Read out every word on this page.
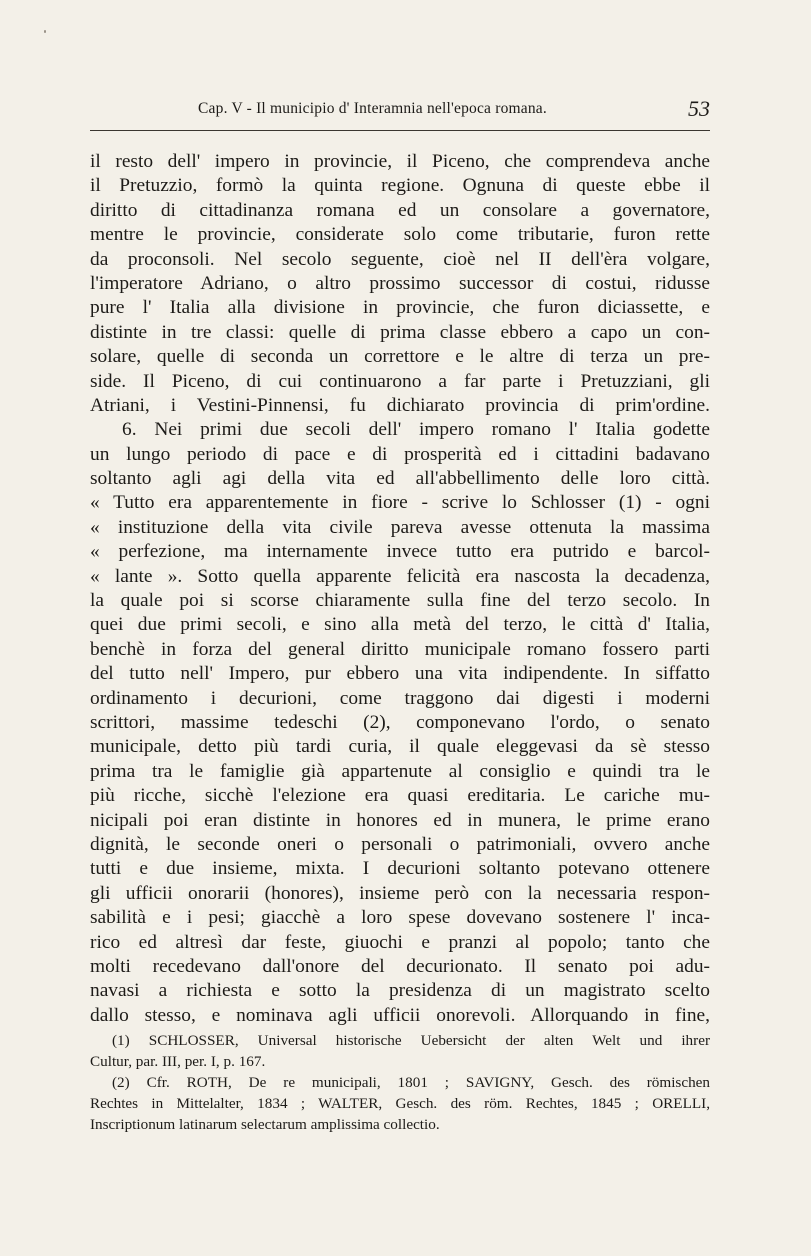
Cap. V - Il municipio d' Interamnia nell'epoca romana.	53
il resto dell' impero in provincie, il Piceno, che comprendeva anche
il Pretuzzio, formò la quinta regione. Ognuna di queste ebbe il
diritto di cittadinanza romana ed un consolare a governatore,
mentre le provincie, considerate solo come tributarie, furon rette
da proconsoli. Nel secolo seguente, cioè nel II dell'èra volgare,
l'imperatore Adriano, o altro prossimo successor di costui, ridusse
pure l' Italia alla divisione in provincie, che furon diciassette, e
distinte in tre classi: quelle di prima classe ebbero a capo un con-
solare, quelle di seconda un correttore e le altre di terza un pre-
side. Il Piceno, di cui continuarono a far parte i Pretuzziani, gli
Atriani, i Vestini-Pinnensi, fu dichiarato provincia di prim'ordine.
6. Nei primi due secoli dell' impero romano l' Italia godette
un lungo periodo di pace e di prosperità ed i cittadini badavano
soltanto agli agi della vita ed all'abbellimento delle loro città.
« Tutto era apparentemente in fiore - scrive lo Schlosser (1) - ogni
« instituzione della vita civile pareva avesse ottenuta la massima
« perfezione, ma internamente invece tutto era putrido e barcol-
« lante ». Sotto quella apparente felicità era nascosta la decadenza,
la quale poi si scorse chiaramente sulla fine del terzo secolo. In
quei due primi secoli, e sino alla metà del terzo, le città d' Italia,
benchè in forza del general diritto municipale romano fossero parti
del tutto nell' Impero, pur ebbero una vita indipendente. In siffatto
ordinamento i decurioni, come traggono dai digesti i moderni
scrittori, massime tedeschi (2), componevano l'ordo, o senato
municipale, detto più tardi curia, il quale eleggevasi da sè stesso
prima tra le famiglie già appartenute al consiglio e quindi tra le
più ricche, sicchè l'elezione era quasi ereditaria. Le cariche mu-
nicipali poi eran distinte in honores ed in munera, le prime erano
dignità, le seconde oneri o personali o patrimoniali, ovvero anche
tutti e due insieme, mixta. I decurioni soltanto potevano ottenere
gli ufficii onorarii (honores), insieme però con la necessaria respon-
sabilità e i pesi; giacchè a loro spese dovevano sostenere l' inca-
rico ed altresì dar feste, giuochi e pranzi al popolo; tanto che
molti recedevano dall'onore del decurionato. Il senato poi adu-
navasi a richiesta e sotto la presidenza di un magistrato scelto
dallo stesso, e nominava agli ufficii onorevoli. Allorquando in fine,
(1) SCHLOSSER, Universal historische Uebersicht der alten Welt und ihrer
Cultur, par. III, per. I, p. 167.
(2) Cfr. ROTH, De re municipali, 1801 ; SAVIGNY, Gesch. des römischen
Rechtes in Mittelalter, 1834 ; WALTER, Gesch. des röm. Rechtes, 1845 ; ORELLI,
Inscriptionum latinarum selectarum amplissima collectio.
